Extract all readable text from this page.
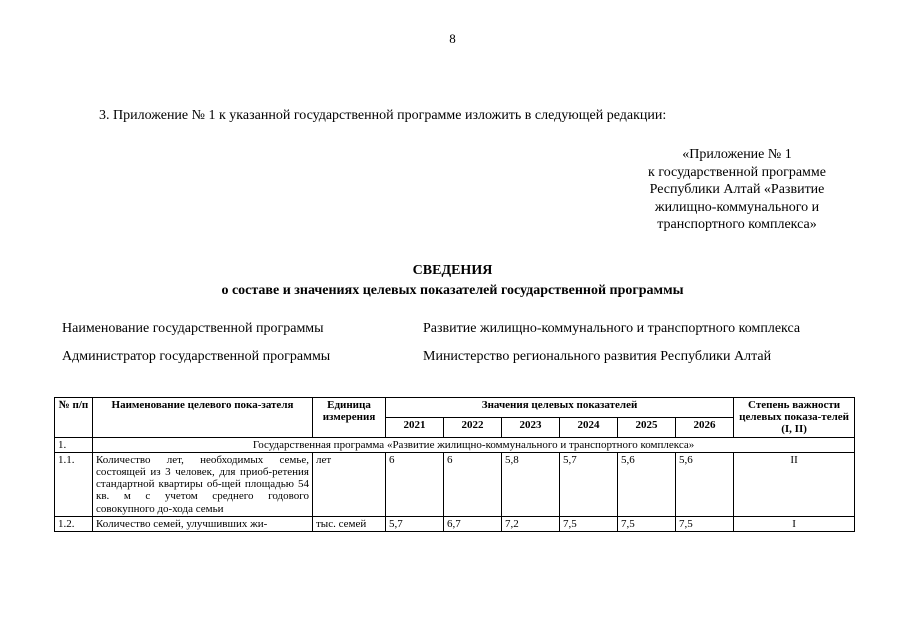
8
3. Приложение № 1 к указанной государственной программе изложить в следующей редакции:
«Приложение № 1
к государственной программе
Республики Алтай «Развитие
жилищно-коммунального и
транспортного комплекса»
СВЕДЕНИЯ
о составе и значениях целевых показателей государственной программы
Наименование государственной программы	Развитие жилищно-коммунального и транспортного комплекса
Администратор государственной программы	Министерство регионального развития Республики Алтай
№ п/п	Наименование целевого пока-зателя	Единица измерения	Значения целевых показателей						Степень важности целевых показа-телей (I, II)
			2021	2022	2023	2024	2025	2026	
1.	Государственная программа «Развитие жилищно-коммунального и транспортного комплекса»								
1.1.	Количество лет, необходимых семье, состоящей из 3 человек, для приоб-ретения стандартной квартиры об-щей площадью 54 кв. м с учетом среднего годового совокупного до-хода семьи	лет	6	6	5,8	5,7	5,6	5,6	II
1.2.	Количество семей, улучшивших жи-	тыс. семей	5,7	6,7	7,2	7,5	7,5	7,5	I
